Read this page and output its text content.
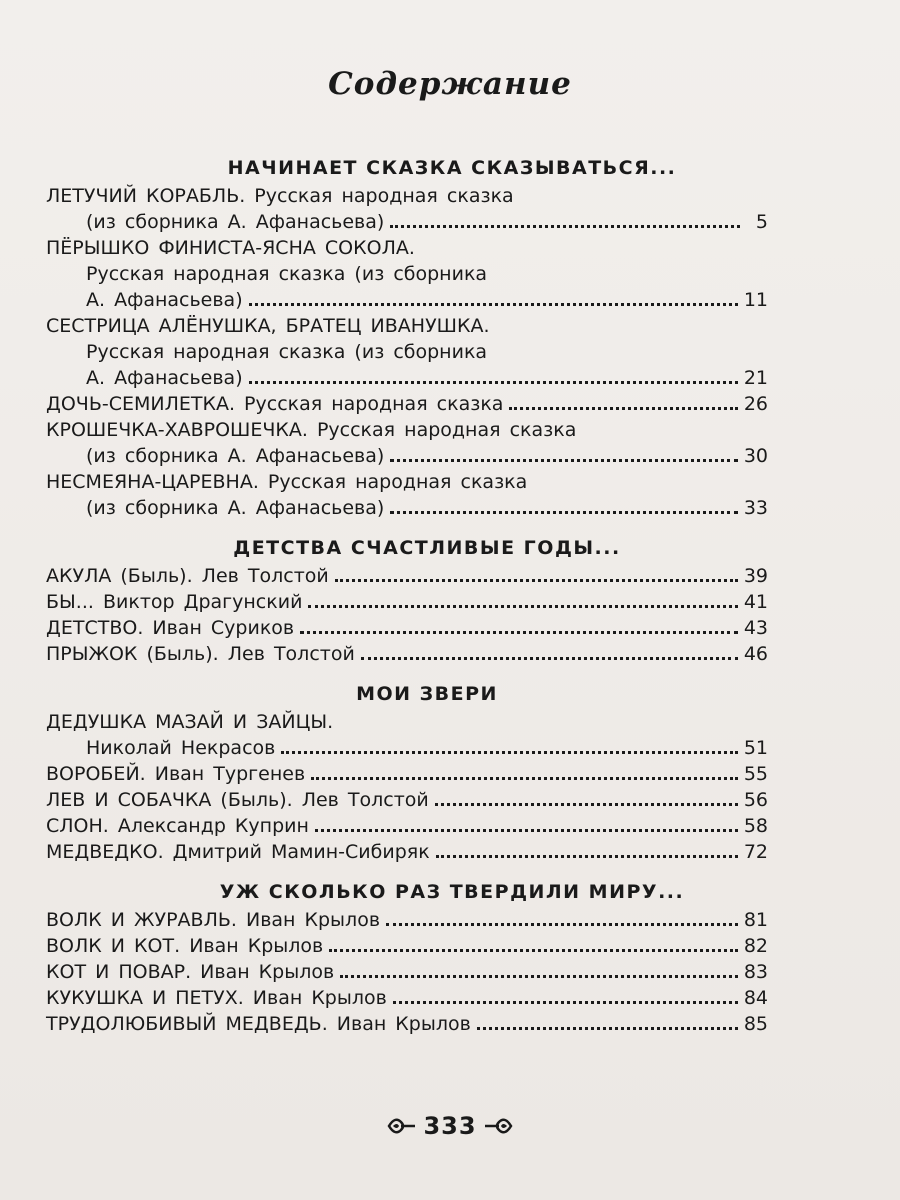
Содержание
НАЧИНАЕТ СКАЗКА СКАЗЫВАТЬСЯ...
ЛЕТУЧИЙ КОРАБЛЬ. Русская народная сказка
(из сборника А. Афанасьева)	5
ПЁРЫШКО ФИНИСТА-ЯСНА СОКОЛА.
Русская народная сказка (из сборника
А. Афанасьева)	11
СЕСТРИЦА АЛЁНУШКА, БРАТЕЦ ИВАНУШКА.
Русская народная сказка (из сборника
А. Афанасьева)	21
ДОЧЬ-СЕМИЛЕТКА. Русская народная сказка	26
КРОШЕЧКА-ХАВРОШЕЧКА. Русская народная сказка
(из сборника А. Афанасьева)	30
НЕСМЕЯНА-ЦАРЕВНА. Русская народная сказка
(из сборника А. Афанасьева)	33
ДЕТСТВА СЧАСТЛИВЫЕ ГОДЫ...
АКУЛА (Быль). Лев Толстой	39
БЫ... Виктор Драгунский	41
ДЕТСТВО. Иван Суриков	43
ПРЫЖОК (Быль). Лев Толстой	46
МОИ ЗВЕРИ
ДЕДУШКА МАЗАЙ И ЗАЙЦЫ.
Николай Некрасов	51
ВОРОБЕЙ. Иван Тургенев	55
ЛЕВ И СОБАЧКА (Быль). Лев Толстой	56
СЛОН. Александр Куприн	58
МЕДВЕДКО. Дмитрий Мамин-Сибиряк	72
УЖ СКОЛЬКО РАЗ ТВЕРДИЛИ МИРУ...
ВОЛК И ЖУРАВЛЬ. Иван Крылов	81
ВОЛК И КОТ. Иван Крылов	82
КОТ И ПОВАР. Иван Крылов	83
КУКУШКА И ПЕТУХ. Иван Крылов	84
ТРУДОЛЮБИВЫЙ МЕДВЕДЬ. Иван Крылов	85
333
